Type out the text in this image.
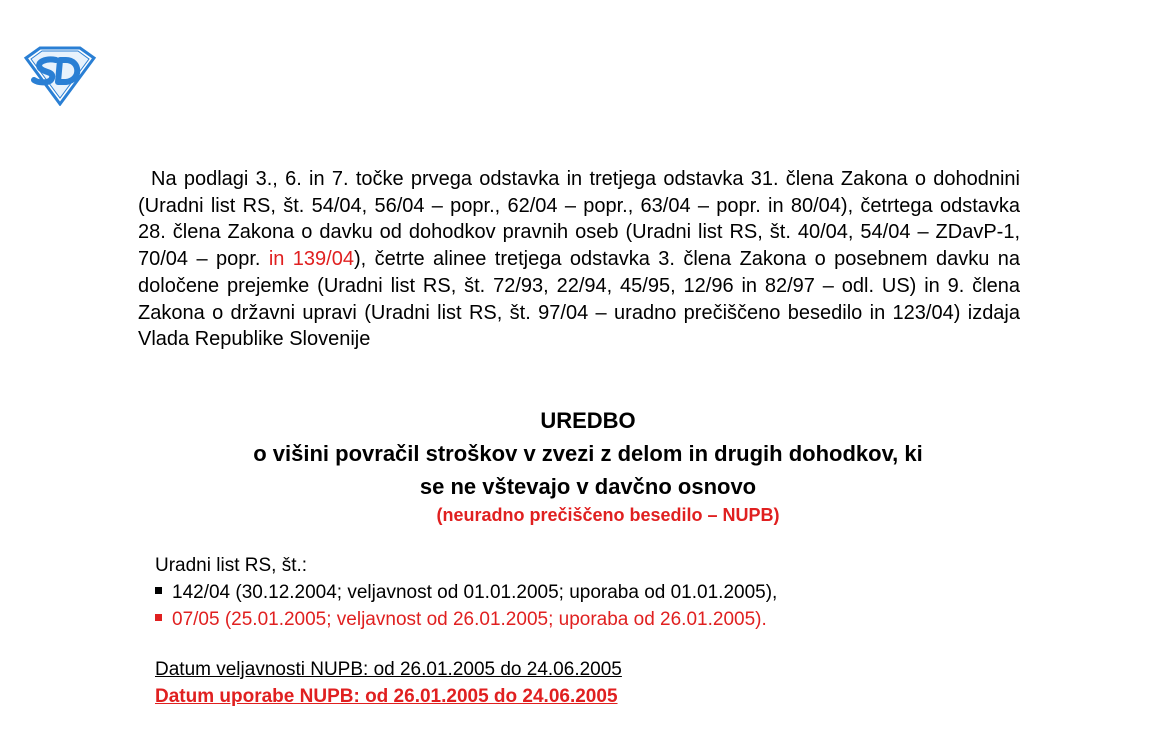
Na podlagi 3., 6. in 7. točke prvega odstavka in tretjega odstavka 31. člena Zakona o dohodnini (Uradni list RS, št. 54/04, 56/04 – popr., 62/04 – popr., 63/04 – popr. in 80/04), četrtega odstavka 28. člena Zakona o davku od dohodkov pravnih oseb (Uradni list RS, št. 40/04, 54/04 – ZDavP-1, 70/04 – popr. in 139/04), četrte alinee tretjega odstavka 3. člena Zakona o posebnem davku na določene prejemke (Uradni list RS, št. 72/93, 22/94, 45/95, 12/96 in 82/97 – odl. US) in 9. člena Zakona o državni upravi (Uradni list RS, št. 97/04 – uradno prečiščeno besedilo in 123/04) izdaja Vlada Republike Slovenije
UREDBO
o višini povračil stroškov v zvezi z delom in drugih dohodkov, ki
se ne vštevajo v davčno osnovo
(neuradno prečiščeno besedilo – NUPB)
Uradni list RS, št.:
142/04 (30.12.2004; veljavnost od 01.01.2005; uporaba od 01.01.2005),
07/05 (25.01.2005; veljavnost od 26.01.2005; uporaba od 26.01.2005).
Datum veljavnosti NUPB: od 26.01.2005 do 24.06.2005
Datum uporabe NUPB: od 26.01.2005 do 24.06.2005
